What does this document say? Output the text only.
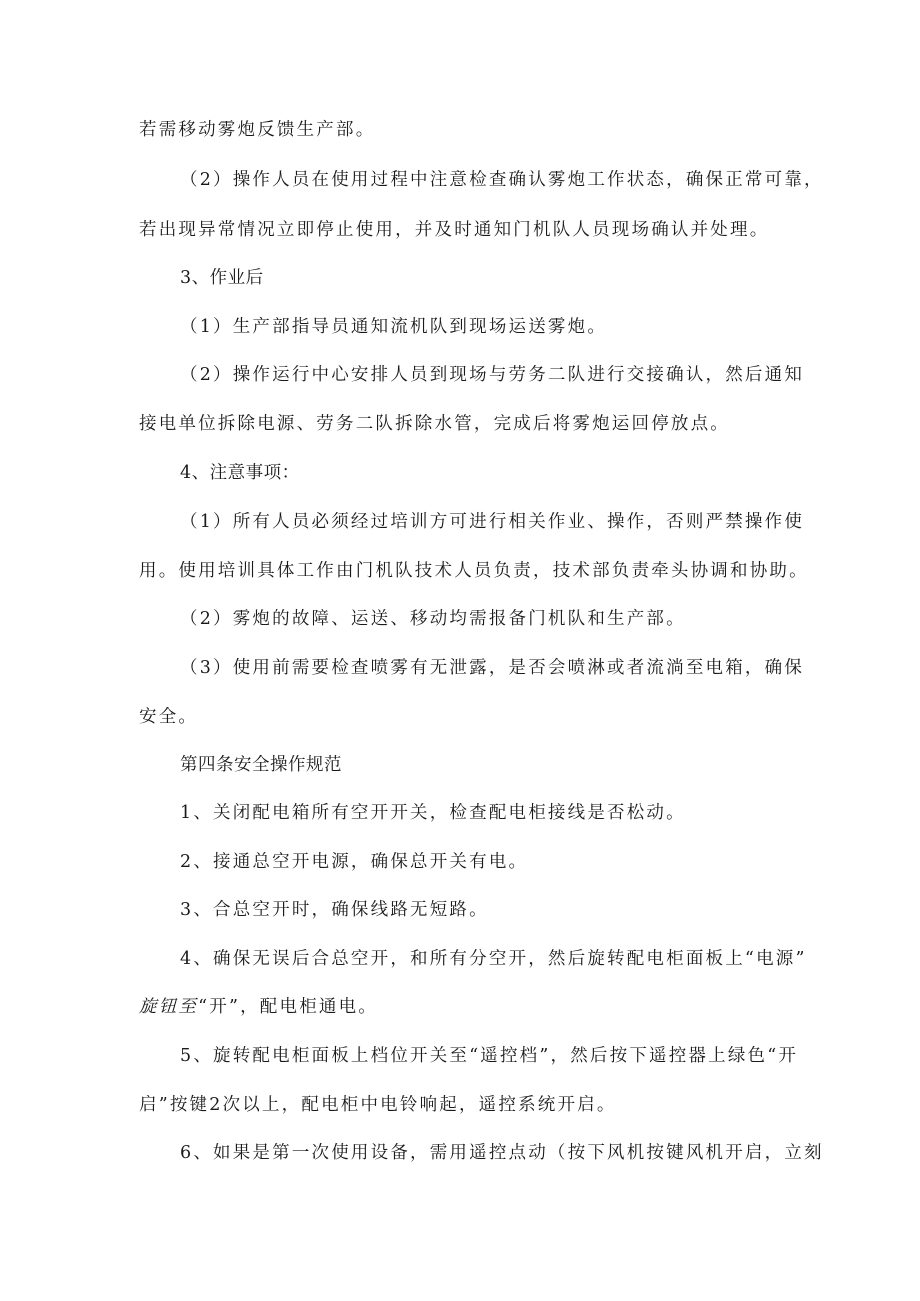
若需移动雾炮反馈生产部。
（2）操作人员在使用过程中注意检查确认雾炮工作状态，确保正常可靠，
若出现异常情况立即停止使用，并及时通知门机队人员现场确认并处理。
3、作业后
（1）生产部指导员通知流机队到现场运送雾炮。
（2）操作运行中心安排人员到现场与劳务二队进行交接确认，然后通知
接电单位拆除电源、劳务二队拆除水管，完成后将雾炮运回停放点。
4、注意事项：
（1）所有人员必须经过培训方可进行相关作业、操作，否则严禁操作使
用。使用培训具体工作由门机队技术人员负责，技术部负责牵头协调和协助。
（2）雾炮的故障、运送、移动均需报备门机队和生产部。
（3）使用前需要检查喷雾有无泄露，是否会喷淋或者流淌至电箱，确保
安全。
第四条安全操作规范
1、关闭配电箱所有空开开关，检查配电柜接线是否松动。
2、接通总空开电源，确保总开关有电。
3、合总空开时，确保线路无短路。
4、确保无误后合总空开，和所有分空开，然后旋转配电柜面板上“电源”
旋钮至“开”，配电柜通电。
5、旋转配电柜面板上档位开关至“遥控档”，然后按下遥控器上绿色“开
启”按键2次以上，配电柜中电铃响起，遥控系统开启。
6、如果是第一次使用设备，需用遥控点动（按下风机按键风机开启，立刻
